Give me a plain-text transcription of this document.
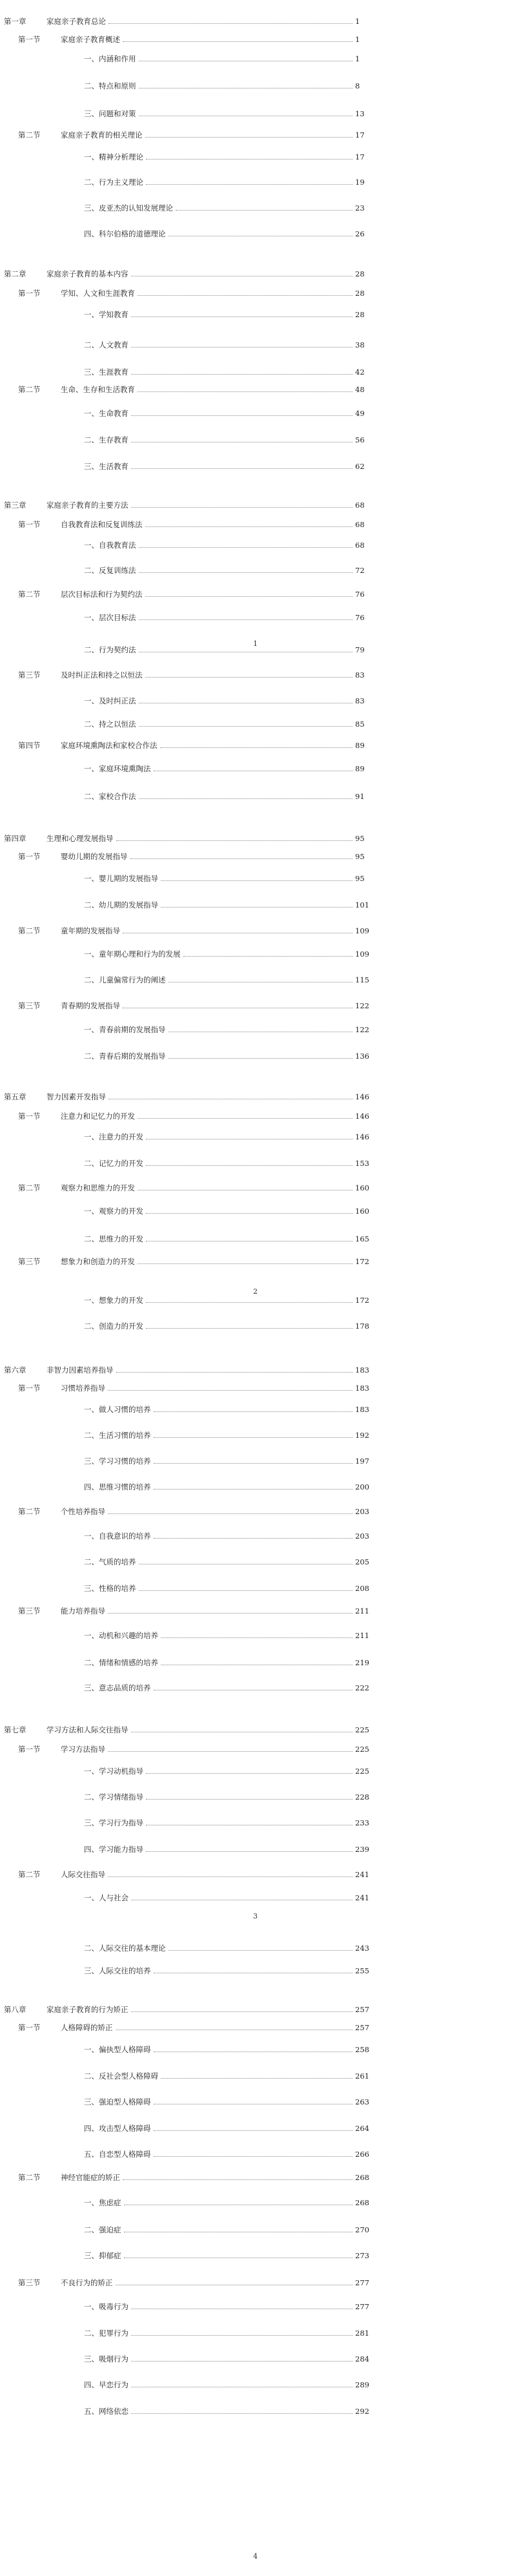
第一章	家庭亲子教育总论	1
第一节	家庭亲子教育概述	1
一、内涵和作用	1
二、特点和原则	8
三、问题和对策	13
第二节	家庭亲子教育的相关理论	17
一、精神分析理论	17
二、行为主义理论	19
三、皮亚杰的认知发展理论	23
四、科尔伯格的道德理论	26
第二章	家庭亲子教育的基本内容	28
第一节	学知、人文和生涯教育	28
一、学知教育	28
二、人文教育	38
三、生涯教育	42
第二节	生命、生存和生活教育	48
一、生命教育	49
二、生存教育	56
三、生活教育	62
第三章	家庭亲子教育的主要方法	68
第一节	自我教育法和反复训练法	68
一、自我教育法	68
二、反复训练法	72
第二节	层次目标法和行为契约法	76
一、层次目标法	76
二、行为契约法	79
第三节	及时纠正法和持之以恒法	83
一、及时纠正法	83
二、持之以恒法	85
第四节	家庭环境熏陶法和家校合作法	89
一、家庭环境熏陶法	89
二、家校合作法	91
第四章	生理和心理发展指导	95
第一节	婴幼儿期的发展指导	95
一、婴儿期的发展指导	95
二、幼儿期的发展指导	101
第二节	童年期的发展指导	109
一、童年期心理和行为的发展	109
二、儿童偏常行为的阐述	115
第三节	青春期的发展指导	122
一、青春前期的发展指导	122
二、青春后期的发展指导	136
第五章	智力因素开发指导	146
第一节	注意力和记忆力的开发	146
一、注意力的开发	146
二、记忆力的开发	153
第二节	观察力和思维力的开发	160
一、观察力的开发	160
二、思维力的开发	165
第三节	想象力和创造力的开发	172
一、想象力的开发	172
二、创造力的开发	178
第六章	非智力因素培养指导	183
第一节	习惯培养指导	183
一、做人习惯的培养	183
二、生活习惯的培养	192
三、学习习惯的培养	197
四、思维习惯的培养	200
第二节	个性培养指导	203
一、自我意识的培养	203
二、气质的培养	205
三、性格的培养	208
第三节	能力培养指导	211
一、动机和兴趣的培养	211
二、情绪和情感的培养	219
三、意志品质的培养	222
第七章	学习方法和人际交往指导	225
第一节	学习方法指导	225
一、学习动机指导	225
二、学习情绪指导	228
三、学习行为指导	233
四、学习能力指导	239
第二节	人际交往指导	241
一、人与社会	241
二、人际交往的基本理论	243
三、人际交往的培养	255
第八章	家庭亲子教育的行为矫正	257
第一节	人格障碍的矫正	257
一、偏执型人格障碍	258
二、反社会型人格障碍	261
三、强迫型人格障碍	263
四、攻击型人格障碍	264
五、自恋型人格障碍	266
第二节	神经官能症的矫正	268
一、焦虑症	268
二、强迫症	270
三、抑郁症	273
第三节	不良行为的矫正	277
一、吸毒行为	277
二、犯罪行为	281
三、吸烟行为	284
四、早恋行为	289
五、网络依恋	292
1
2
3
4
